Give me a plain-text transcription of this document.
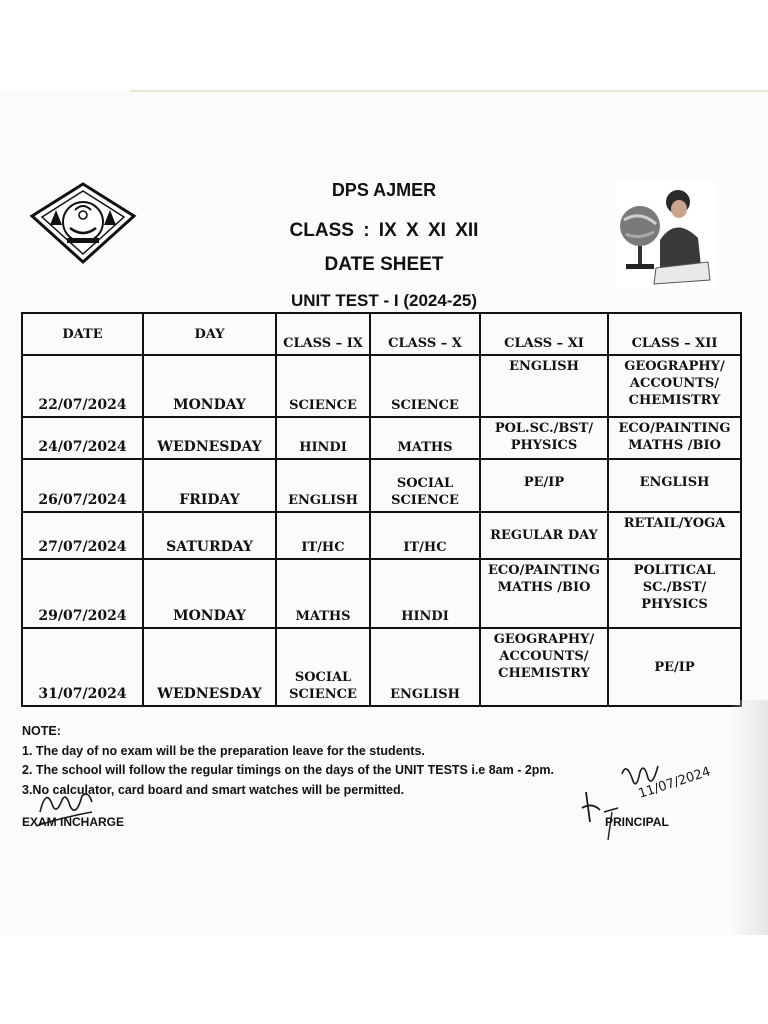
DPS AJMER
CLASS : IX X XI XII
DATE SHEET
UNIT TEST - I (2024-25)
DATE	DAY	CLASS – IX	CLASS – X	CLASS – XI	CLASS – XII
22/07/2024	MONDAY	SCIENCE	SCIENCE	ENGLISH	GEOGRAPHY/ ACCOUNTS/ CHEMISTRY
24/07/2024	WEDNESDAY	HINDI	MATHS	POL.SC./BST/ PHYSICS	ECO/PAINTING MATHS /BIO
26/07/2024	FRIDAY	ENGLISH	SOCIAL SCIENCE	PE/IP	ENGLISH
27/07/2024	SATURDAY	IT/HC	IT/HC	REGULAR DAY	RETAIL/YOGA
29/07/2024	MONDAY	MATHS	HINDI	ECO/PAINTING MATHS /BIO	POLITICAL SC./BST/ PHYSICS
31/07/2024	WEDNESDAY	SOCIAL SCIENCE	ENGLISH	GEOGRAPHY/ ACCOUNTS/ CHEMISTRY	PE/IP
NOTE:
1. The day of no exam will be the preparation leave for the students.
2. The school will follow the regular timings on the days of the UNIT TESTS i.e 8am - 2pm.
3.No calculator, card board and smart watches will be permitted.
EXAM INCHARGE
11/07/2024
PRINCIPAL
